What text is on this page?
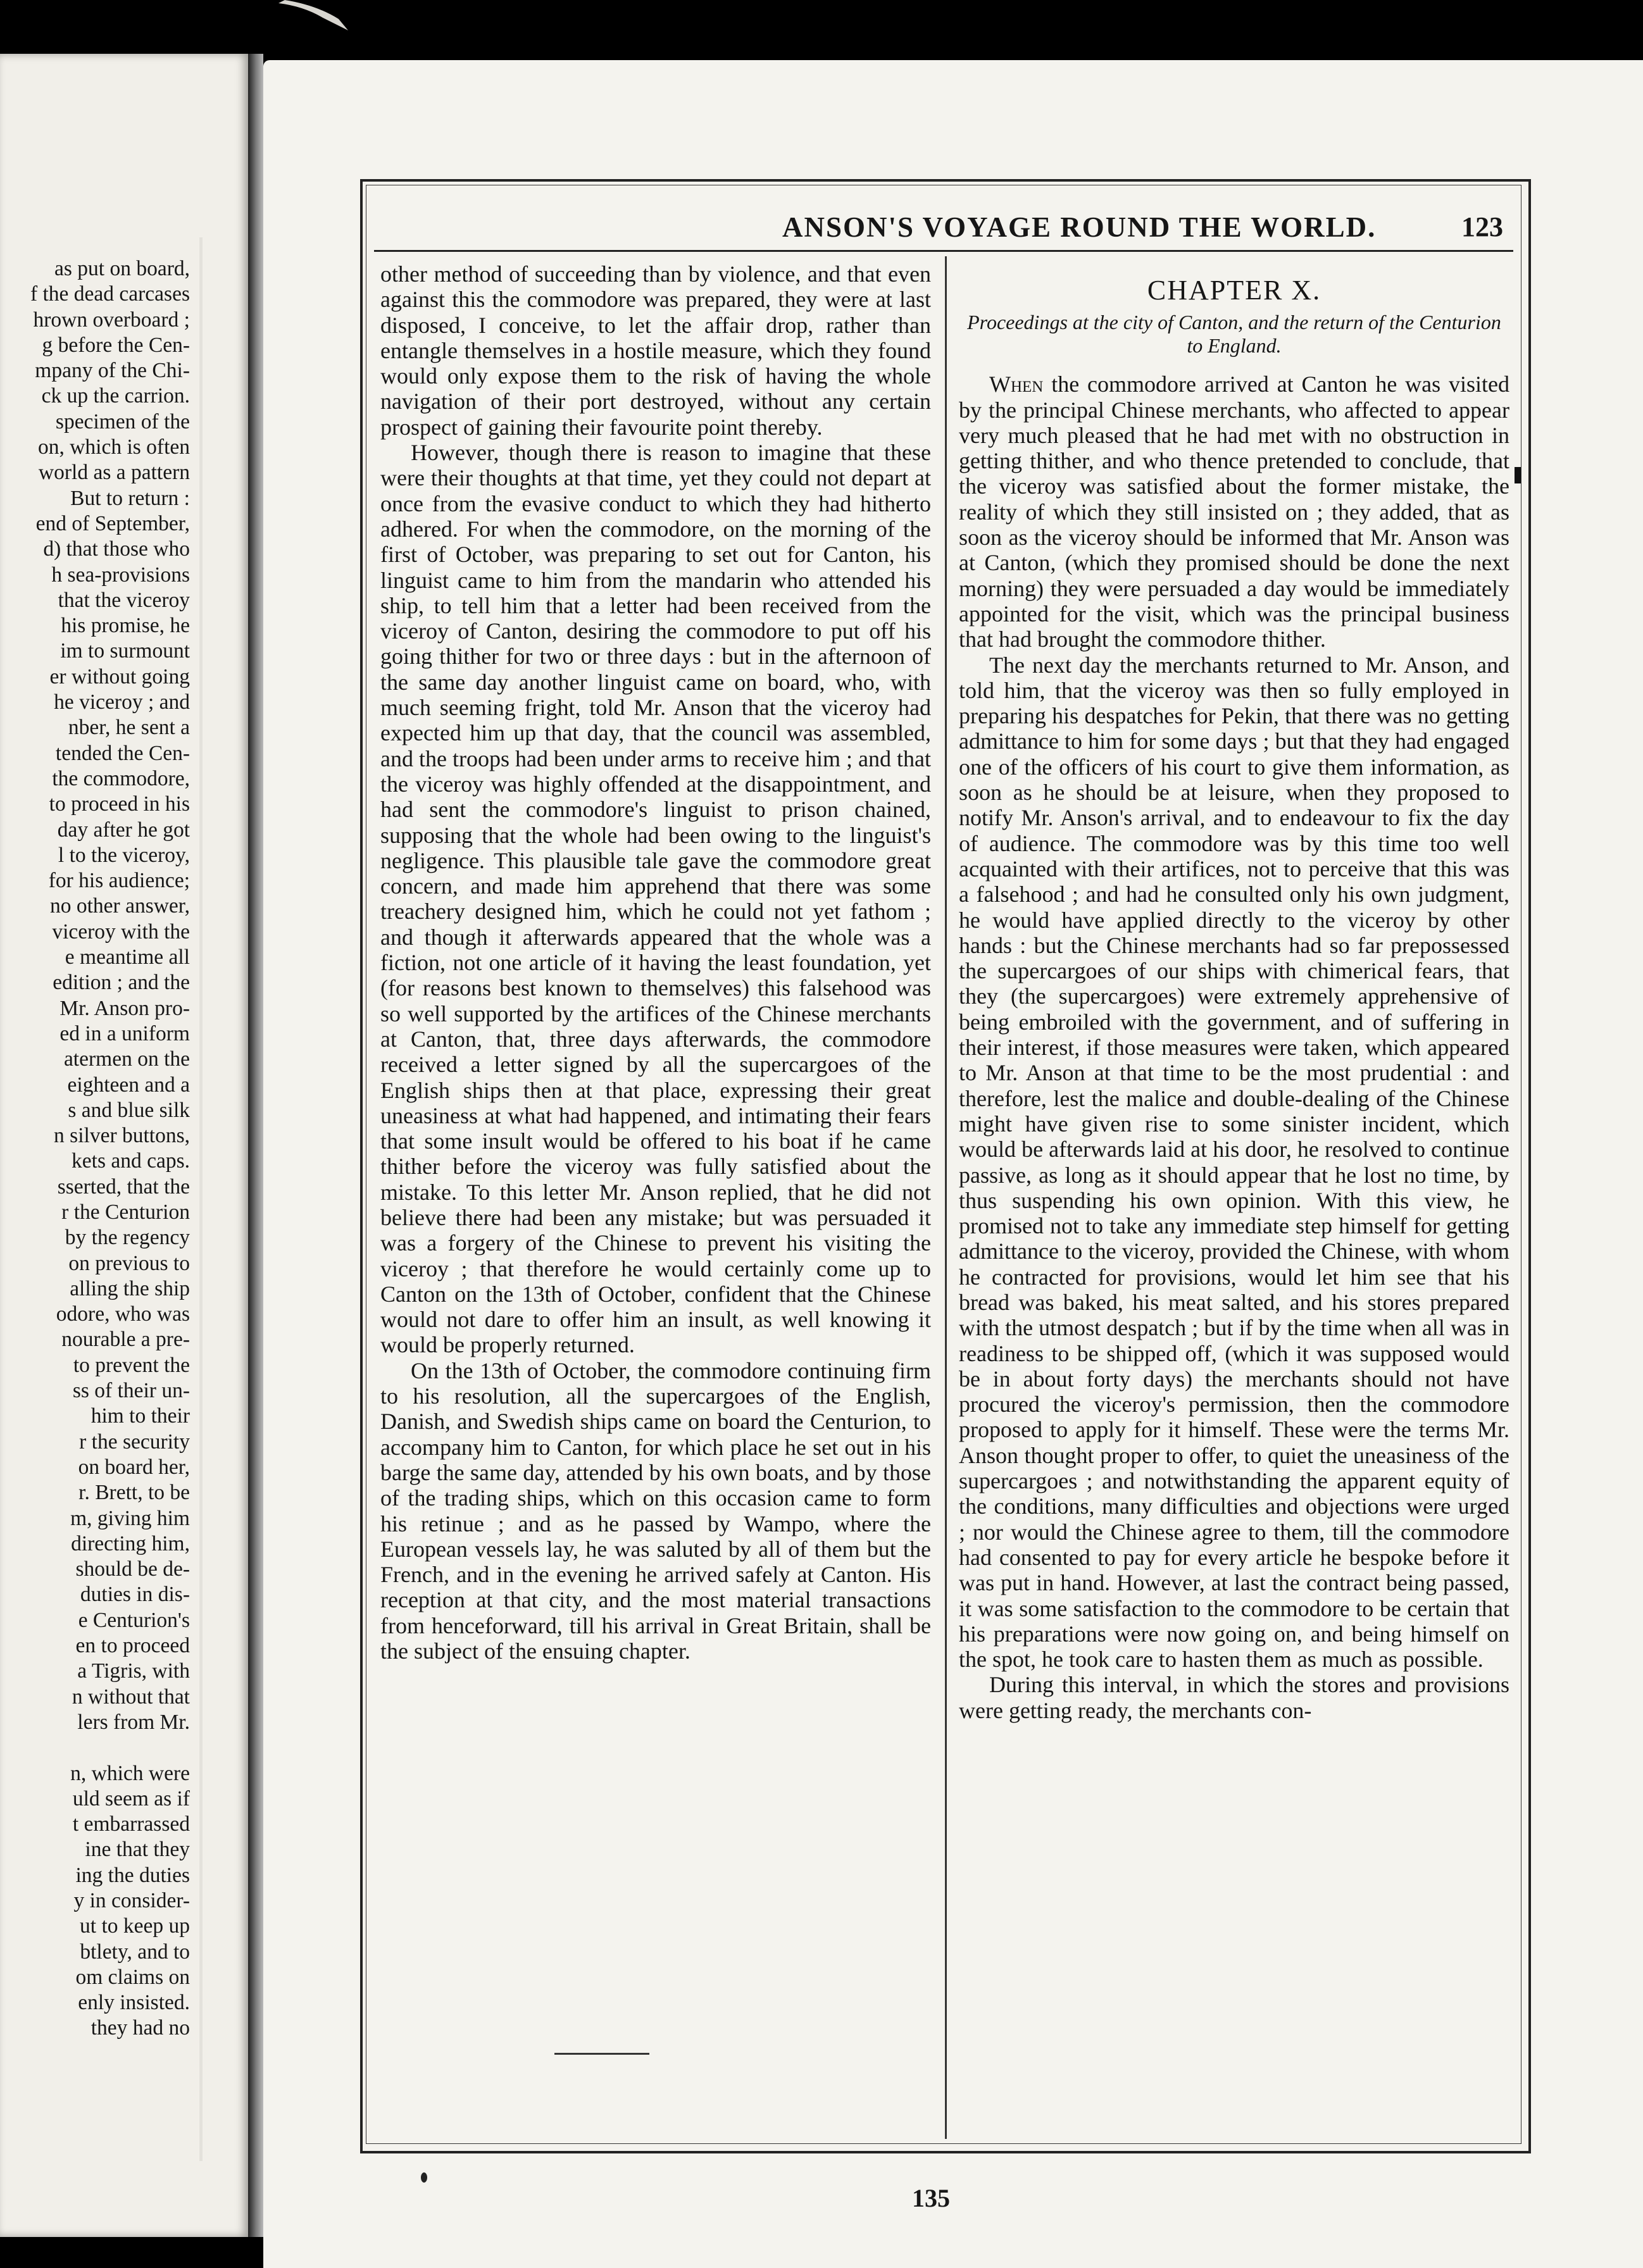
as put on board,
f the dead carcases
hrown overboard ;
g before the Cen-
mpany of the Chi-
ck up the carrion.
specimen of the
on, which is often
world as a pattern
But to return :
end of September,
d) that those who
h sea-provisions
that the viceroy
his promise, he
im to surmount
er without going
he viceroy ; and
nber, he sent a
tended the Cen-
the commodore,
to proceed in his
day after he got
l to the viceroy,
for his audience;
no other answer,
viceroy with the
e meantime all
edition ; and the
Mr. Anson pro-
ed in a uniform
atermen on the
eighteen and a
s and blue silk
n silver buttons,
kets and caps.
sserted, that the
r the Centurion
by the regency
on previous to
alling the ship
odore, who was
nourable a pre-
to prevent the
ss of their un-
him to their
r the security
on board her,
r. Brett, to be
m, giving him
directing him,
should be de-
duties in dis-
e Centurion's
en to proceed
a Tigris, with
n without that
lers from Mr.

n, which were
uld seem as if
t embarrassed
ine that they
ing the duties
y in consider-
ut to keep up
btlety, and to
om claims on
enly insisted.
they had no
ANSON'S VOYAGE ROUND THE WORLD.	123

other method of succeeding than by violence, and that even against this the commodore was prepared, they were at last disposed, I conceive, to let the affair drop, rather than entangle themselves in a hostile measure, which they found would only expose them to the risk of having the whole navigation of their port destroyed, without any certain prospect of gaining their favourite point thereby.

However, though there is reason to imagine that these were their thoughts at that time, yet they could not depart at once from the evasive conduct to which they had hitherto adhered. For when the commodore, on the morning of the first of October, was preparing to set out for Canton, his linguist came to him from the mandarin who attended his ship, to tell him that a letter had been received from the viceroy of Canton, desiring the commodore to put off his going thither for two or three days : but in the afternoon of the same day another linguist came on board, who, with much seeming fright, told Mr. Anson that the viceroy had expected him up that day, that the council was assembled, and the troops had been under arms to receive him ; and that the viceroy was highly offended at the disappointment, and had sent the commodore's linguist to prison chained, supposing that the whole had been owing to the linguist's negligence. This plausible tale gave the commodore great concern, and made him apprehend that there was some treachery designed him, which he could not yet fathom ; and though it afterwards appeared that the whole was a fiction, not one article of it having the least foundation, yet (for reasons best known to themselves) this falsehood was so well supported by the artifices of the Chinese merchants at Canton, that, three days afterwards, the commodore received a letter signed by all the supercargoes of the English ships then at that place, expressing their great uneasiness at what had happened, and intimating their fears that some insult would be offered to his boat if he came thither before the viceroy was fully satisfied about the mistake. To this letter Mr. Anson replied, that he did not believe there had been any mistake; but was persuaded it was a forgery of the Chinese to prevent his visiting the viceroy ; that therefore he would certainly come up to Canton on the 13th of October, confident that the Chinese would not dare to offer him an insult, as well knowing it would be properly returned.

On the 13th of October, the commodore continuing firm to his resolution, all the supercargoes of the English, Danish, and Swedish ships came on board the Centurion, to accompany him to Canton, for which place he set out in his barge the same day, attended by his own boats, and by those of the trading ships, which on this occasion came to form his retinue ; and as he passed by Wampo, where the European vessels lay, he was saluted by all of them but the French, and in the evening he arrived safely at Canton. His reception at that city, and the most material transactions from henceforward, till his arrival in Great Britain, shall be the subject of the ensuing chapter.

CHAPTER X.
Proceedings at the city of Canton, and the return of the Centurion to England.

When the commodore arrived at Canton he was visited by the principal Chinese merchants, who affected to appear very much pleased that he had met with no obstruction in getting thither, and who thence pretended to conclude, that the viceroy was satisfied about the former mistake, the reality of which they still insisted on ; they added, that as soon as the viceroy should be informed that Mr. Anson was at Canton, (which they promised should be done the next morning) they were persuaded a day would be immediately appointed for the visit, which was the principal business that had brought the commodore thither.

The next day the merchants returned to Mr. Anson, and told him, that the viceroy was then so fully employed in preparing his despatches for Pekin, that there was no getting admittance to him for some days ; but that they had engaged one of the officers of his court to give them information, as soon as he should be at leisure, when they proposed to notify Mr. Anson's arrival, and to endeavour to fix the day of audience. The commodore was by this time too well acquainted with their artifices, not to perceive that this was a falsehood ; and had he consulted only his own judgment, he would have applied directly to the viceroy by other hands : but the Chinese merchants had so far prepossessed the supercargoes of our ships with chimerical fears, that they (the supercargoes) were extremely apprehensive of being embroiled with the government, and of suffering in their interest, if those measures were taken, which appeared to Mr. Anson at that time to be the most prudential : and therefore, lest the malice and double-dealing of the Chinese might have given rise to some sinister incident, which would be afterwards laid at his door, he resolved to continue passive, as long as it should appear that he lost no time, by thus suspending his own opinion. With this view, he promised not to take any immediate step himself for getting admittance to the viceroy, provided the Chinese, with whom he contracted for provisions, would let him see that his bread was baked, his meat salted, and his stores prepared with the utmost despatch ; but if by the time when all was in readiness to be shipped off, (which it was supposed would be in about forty days) the merchants should not have procured the viceroy's permission, then the commodore proposed to apply for it himself. These were the terms Mr. Anson thought proper to offer, to quiet the uneasiness of the supercargoes ; and notwithstanding the apparent equity of the conditions, many difficulties and objections were urged ; nor would the Chinese agree to them, till the commodore had consented to pay for every article he bespoke before it was put in hand. However, at last the contract being passed, it was some satisfaction to the commodore to be certain that his preparations were now going on, and being himself on the spot, he took care to hasten them as much as possible.

During this interval, in which the stores and provisions were getting ready, the merchants con-

135
